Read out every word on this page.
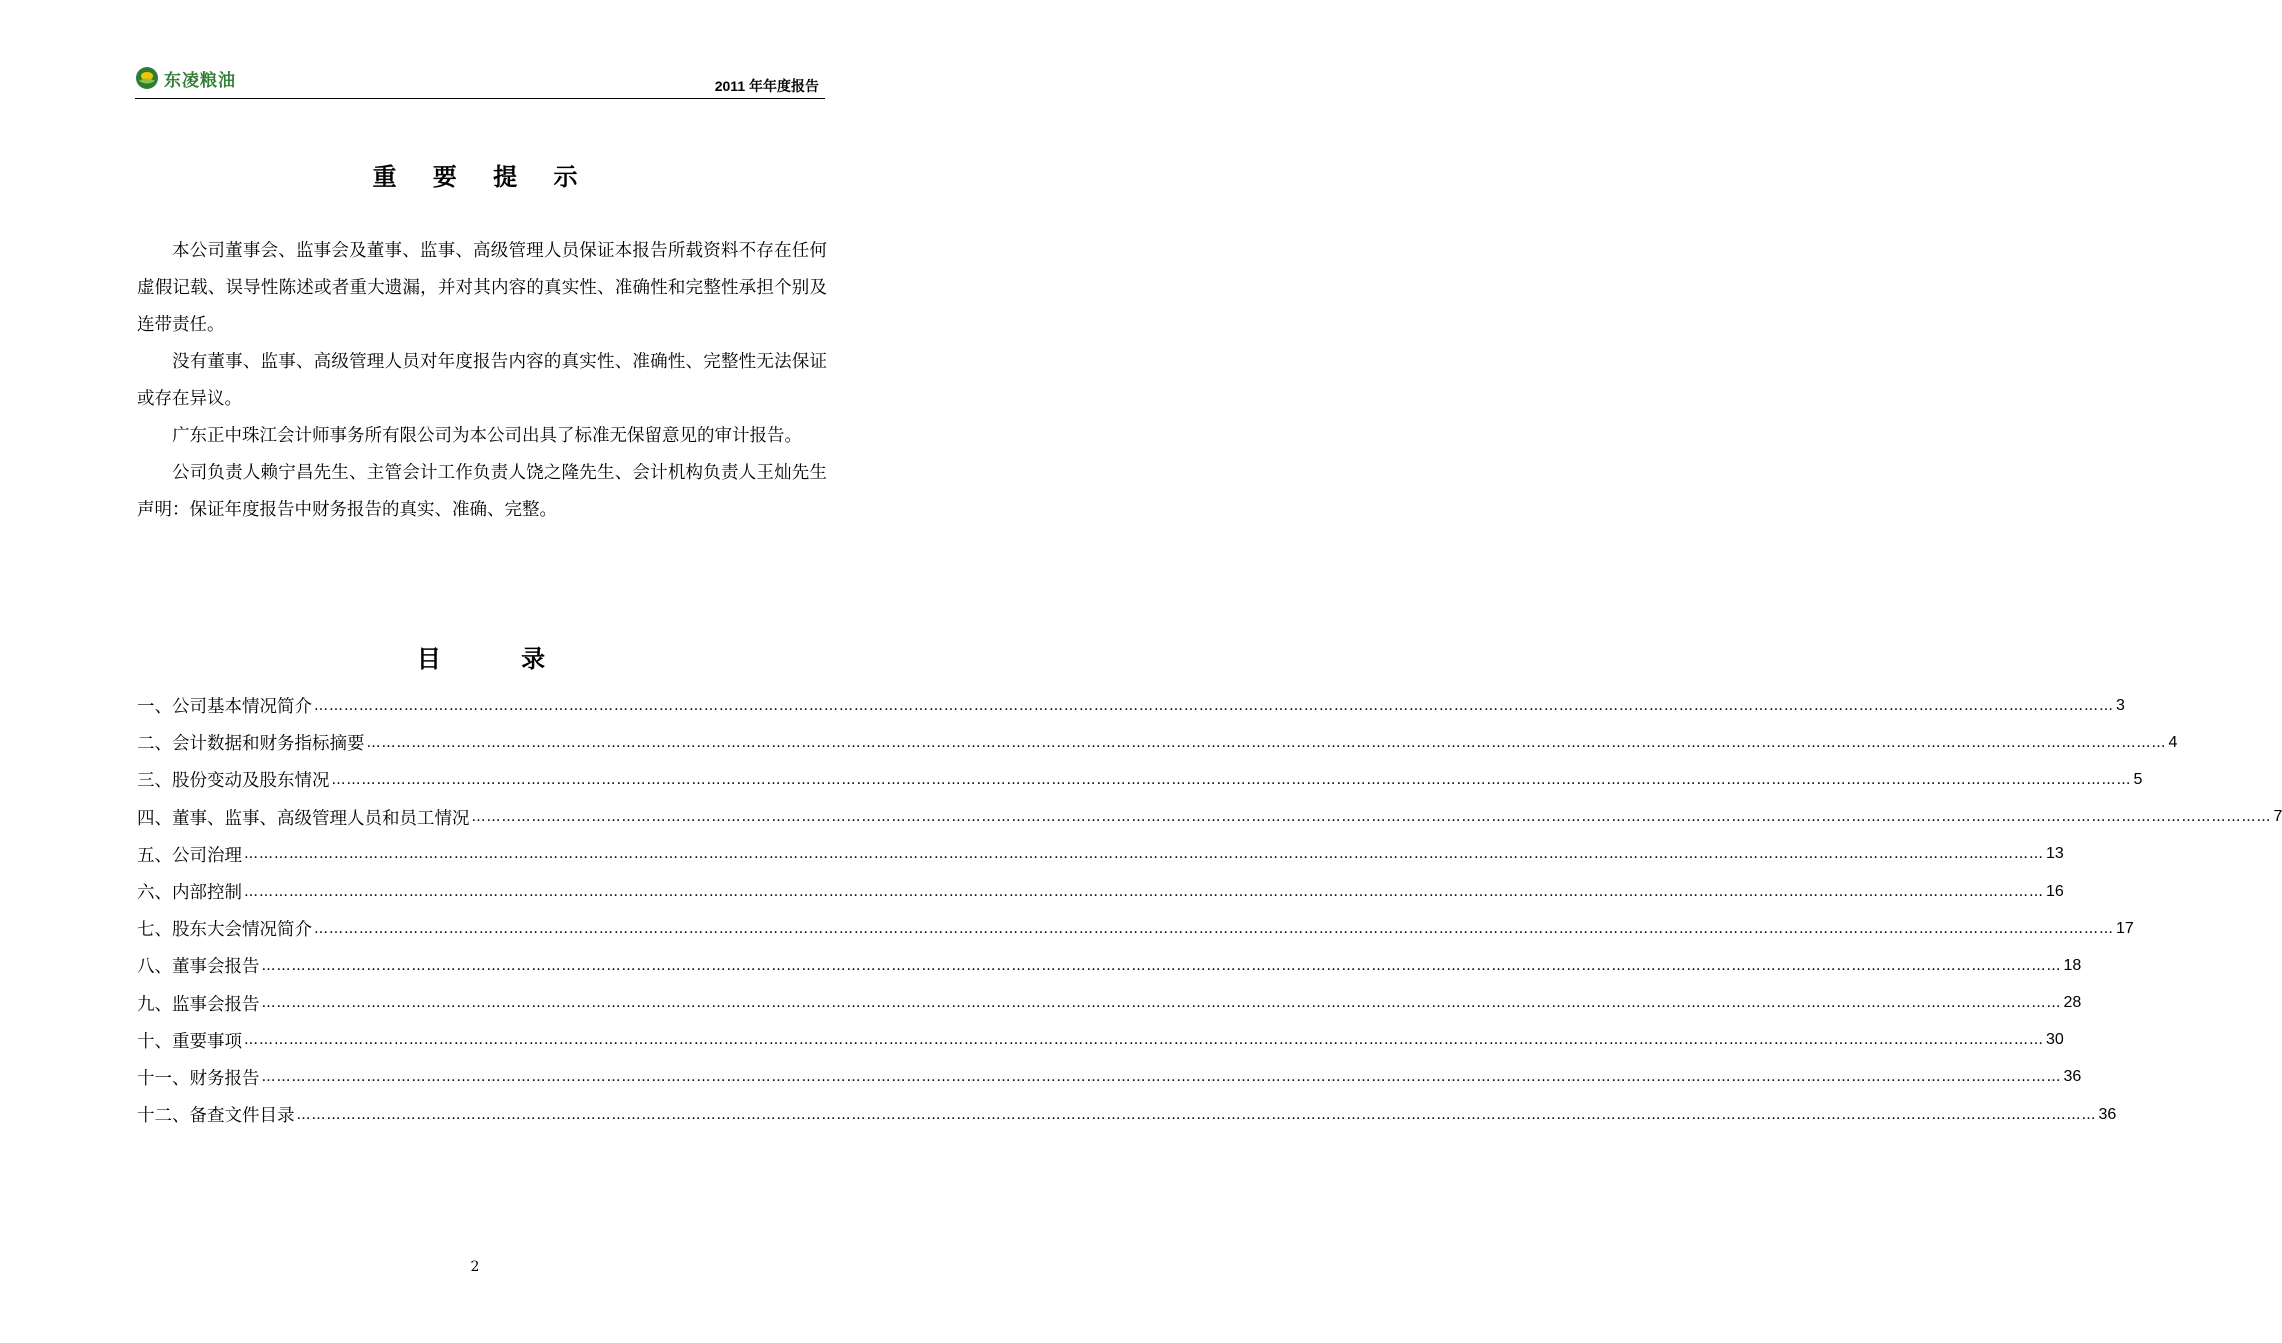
东凌粮油	2011 年年度报告
重 要 提 示

本公司董事会、监事会及董事、监事、高级管理人员保证本报告所载资料不存在任何虚假记载、误导性陈述或者重大遗漏，并对其内容的真实性、准确性和完整性承担个别及连带责任。

没有董事、监事、高级管理人员对年度报告内容的真实性、准确性、完整性无法保证或存在异议。

广东正中珠江会计师事务所有限公司为本公司出具了标准无保留意见的审计报告。

公司负责人赖宁昌先生、主管会计工作负责人饶之隆先生、会计机构负责人王灿先生声明：保证年度报告中财务报告的真实、准确、完整。

目 录
一、公司基本情况简介 ……………………………………………………………………………………………………………………………………………………………………………………………………………………………………………………………………………………………………………………………… 3
二、会计数据和财务指标摘要 ……………………………………………………………………………………………………………………………………………………………………………………………………………………………………………………………………………………………………………………………… 4
三、股份变动及股东情况 ……………………………………………………………………………………………………………………………………………………………………………………………………………………………………………………………………………………………………………………………… 5
四、董事、监事、高级管理人员和员工情况 ……………………………………………………………………………………………………………………………………………………………………………………………………………………………………………………………………………………………………………………………… 7
五、公司治理 ……………………………………………………………………………………………………………………………………………………………………………………………………………………………………………………………………………………………………………………………… 13
六、内部控制 ……………………………………………………………………………………………………………………………………………………………………………………………………………………………………………………………………………………………………………………………… 16
七、股东大会情况简介 ……………………………………………………………………………………………………………………………………………………………………………………………………………………………………………………………………………………………………………………………… 17
八、董事会报告 ……………………………………………………………………………………………………………………………………………………………………………………………………………………………………………………………………………………………………………………………… 18
九、监事会报告 ……………………………………………………………………………………………………………………………………………………………………………………………………………………………………………………………………………………………………………………………… 28
十、重要事项 ……………………………………………………………………………………………………………………………………………………………………………………………………………………………………………………………………………………………………………………………… 30
十一、财务报告 ……………………………………………………………………………………………………………………………………………………………………………………………………………………………………………………………………………………………………………………………… 36
十二、备查文件目录 ……………………………………………………………………………………………………………………………………………………………………………………………………………………………………………………………………………………………………………………………… 36
2
